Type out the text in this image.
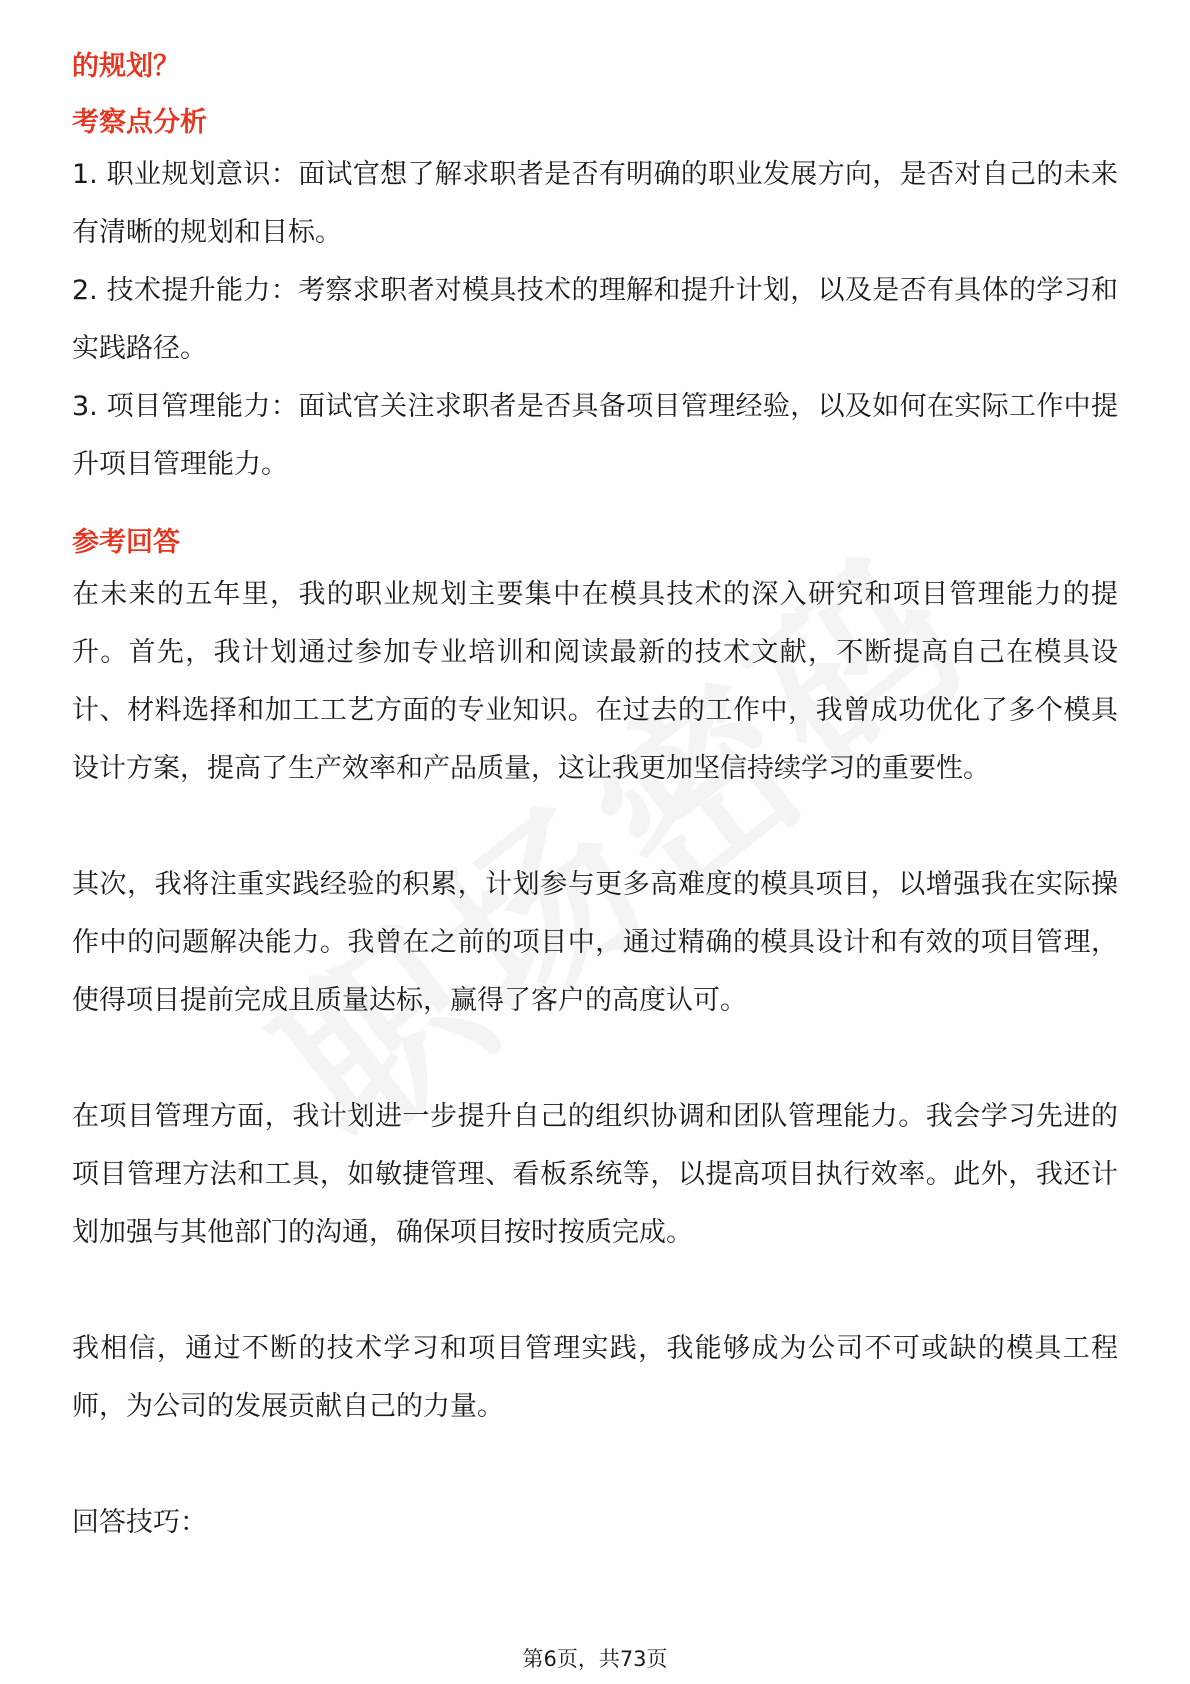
的规划？

考察点分析

1. 职业规划意识：面试官想了解求职者是否有明确的职业发展方向，是否对自己的未来有清晰的规划和目标。

2. 技术提升能力：考察求职者对模具技术的理解和提升计划，以及是否有具体的学习和实践路径。

3. 项目管理能力：面试官关注求职者是否具备项目管理经验，以及如何在实际工作中提升项目管理能力。

参考回答

在未来的五年里，我的职业规划主要集中在模具技术的深入研究和项目管理能力的提升。首先，我计划通过参加专业培训和阅读最新的技术文献，不断提高自己在模具设计、材料选择和加工工艺方面的专业知识。在过去的工作中，我曾成功优化了多个模具设计方案，提高了生产效率和产品质量，这让我更加坚信持续学习的重要性。

其次，我将注重实践经验的积累，计划参与更多高难度的模具项目，以增强我在实际操作中的问题解决能力。我曾在之前的项目中，通过精确的模具设计和有效的项目管理，使得项目提前完成且质量达标，赢得了客户的高度认可。

在项目管理方面，我计划进一步提升自己的组织协调和团队管理能力。我会学习先进的项目管理方法和工具，如敏捷管理、看板系统等，以提高项目执行效率。此外，我还计划加强与其他部门的沟通，确保项目按时按质完成。

我相信，通过不断的技术学习和项目管理实践，我能够成为公司不可或缺的模具工程师，为公司的发展贡献自己的力量。

回答技巧：

第6页，共73页
